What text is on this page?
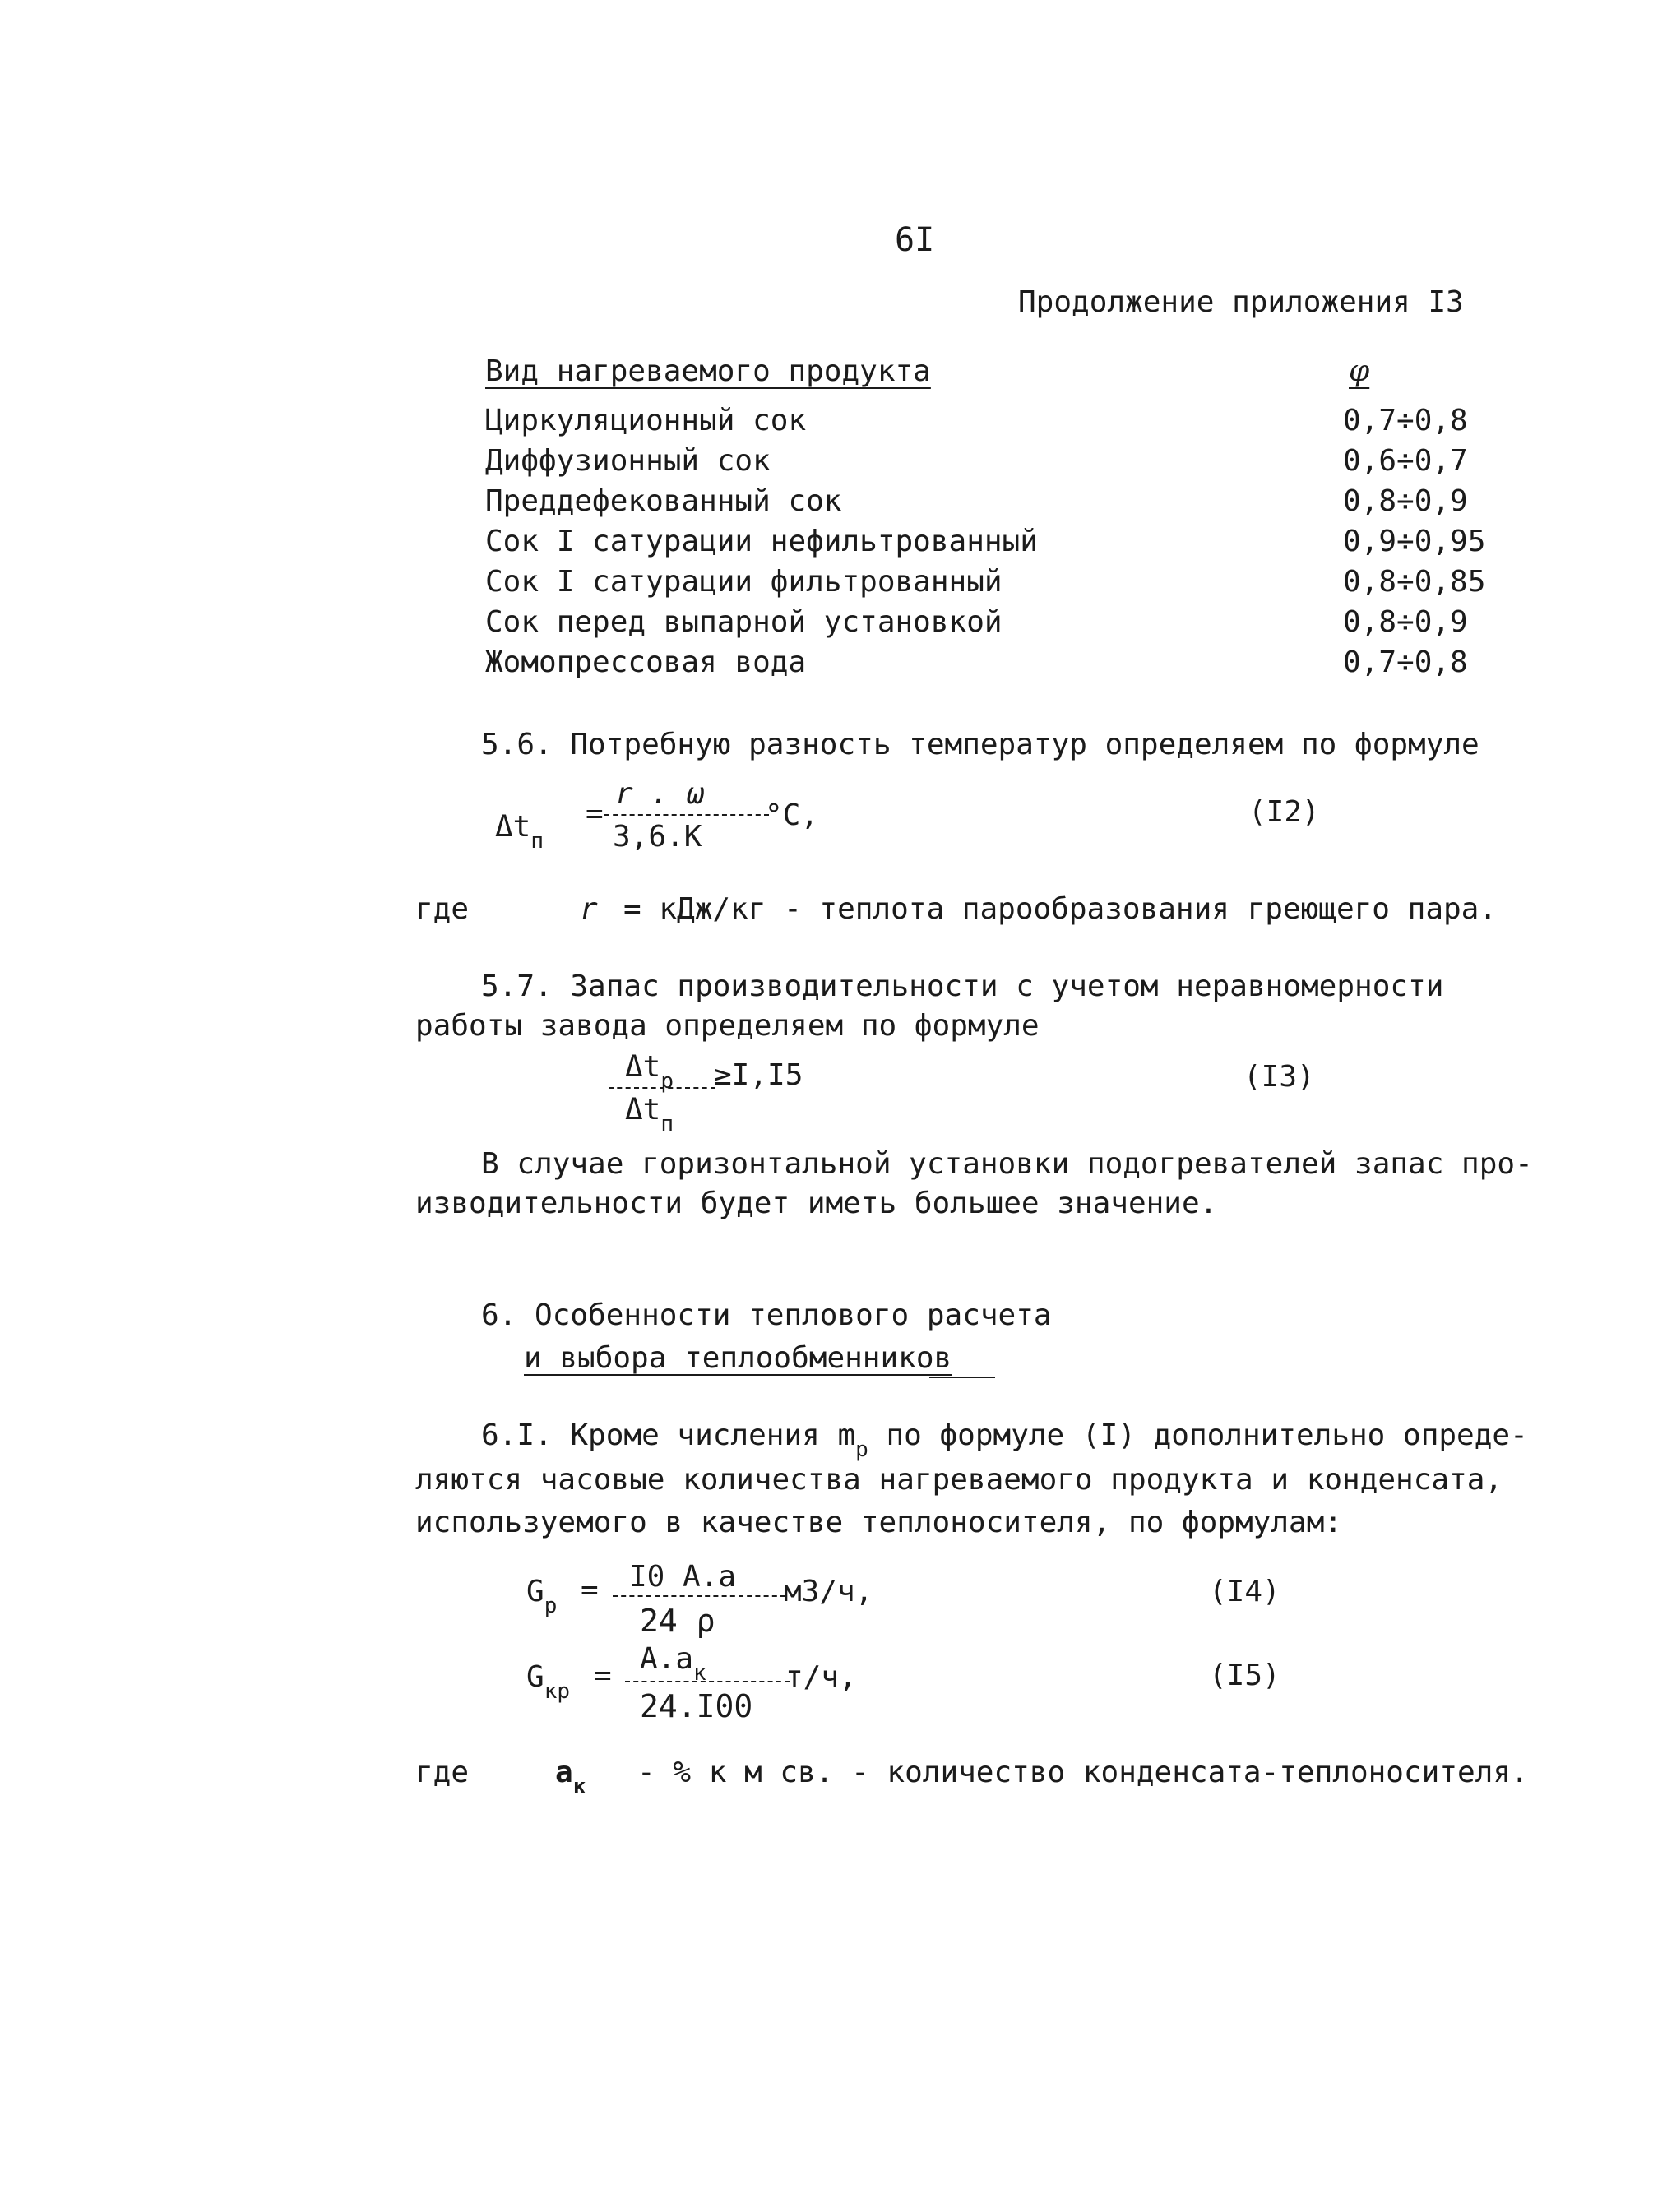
6I
Продолжение приложения I3
Вид нагреваемого продукта	φ
Циркуляционный сок	0,7÷0,8
Диффузионный сок	0,6÷0,7
Преддефекованный сок	0,8÷0,9
Сок I сатурации нефильтрованный	0,9÷0,95
Сок I сатурации фильтрованный	0,8÷0,85
Сок перед выпарной установкой	0,8÷0,9
Жомопрессовая вода	0,7÷0,8
5.6. Потребную разность температур определяем по формуле
$\Delta t_п$
=
r . ω
3,6.К
°С,	(I2)
где	r = кДж/кг - теплота парообразования греющего пара.
5.7. Запас производительности с учетом неравномерности
работы завода определяем по формуле
$\Delta t_р$
$\Delta t_п$
≥I,I5	(I3)
В случае горизонтальной установки подогревателей запас про-
изводительности будет иметь большее значение.
6. Особенности теплового расчета
и выбора теплообменников
6.I. Кроме числения $m_р$ по формуле (I) дополнительно опреде-
ляются часовые количества нагреваемого продукта и конденсата,
используемого в качестве теплоносителя, по формулам:
$G_р = I0$ A.a
24 ρ
м3/ч,	(I4)
$G_{кр} = A.a_к$
24.I00
т/ч,	(I5)
где	$a_к$ - % к м св. - количество конденсата-теплоносителя.
